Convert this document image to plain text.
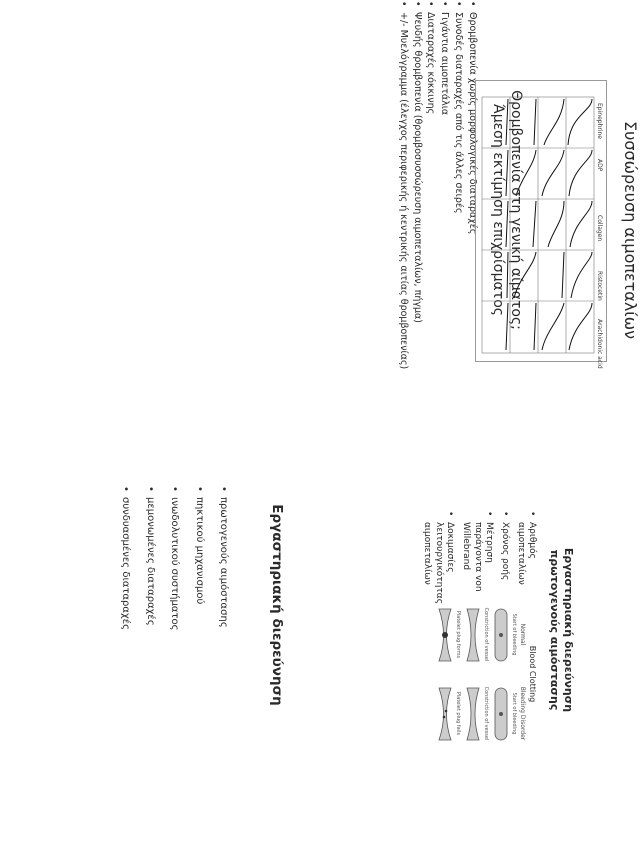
Εργαστηριακή διερεύνηση
• πρωτογενούς αιμόστασης
• πηκτικού μηχανισμού
• ινωδολυτικού συστήματος
• μεμονωμένες διαταραχές
• συνδυασμένες διαταραχές
Θρομβοπενία στη γενική αίματος;
Άμεση εκτίμηση επιχρίσματος
• Θρομβοπενία χωρίς μορφολογικές διαταραχές
• Συνοδές διαταραχές από τις άλλες σειρές
• Γιγάντια αιμοπετάλια
• Διαταραχές κόκκινης
• Ψευδής θρομβοπενία (θρομβοσυσσώρευση αιμοπεταλίων, πήγμα)
• +/- Μυελόγραμμα (έλεγχος περιφερικής ή κεντρικής αιτίας θρομβοπενίας)
Εργαστηριακή διερεύνηση
πρωτογενούς αιμόστασης
• Αριθμός αιμοπεταλίων
• Χρόνος ροής
• Μέτρηση παράγοντα von Willebrand
• Δοκιμασίες λειτουργικότητας αιμοπεταλίων
Blood Clotting
Normal
Bleeding Disorder
Start of bleeding
Start of bleeding
Constriction of vessel
Constriction of vessel
Platelet plug forms
Platelet plug fails
Συσσώρευση αιμοπεταλίων
Epinephrine
ADP
Collagen
Ristocetin
Arachidonic acid
